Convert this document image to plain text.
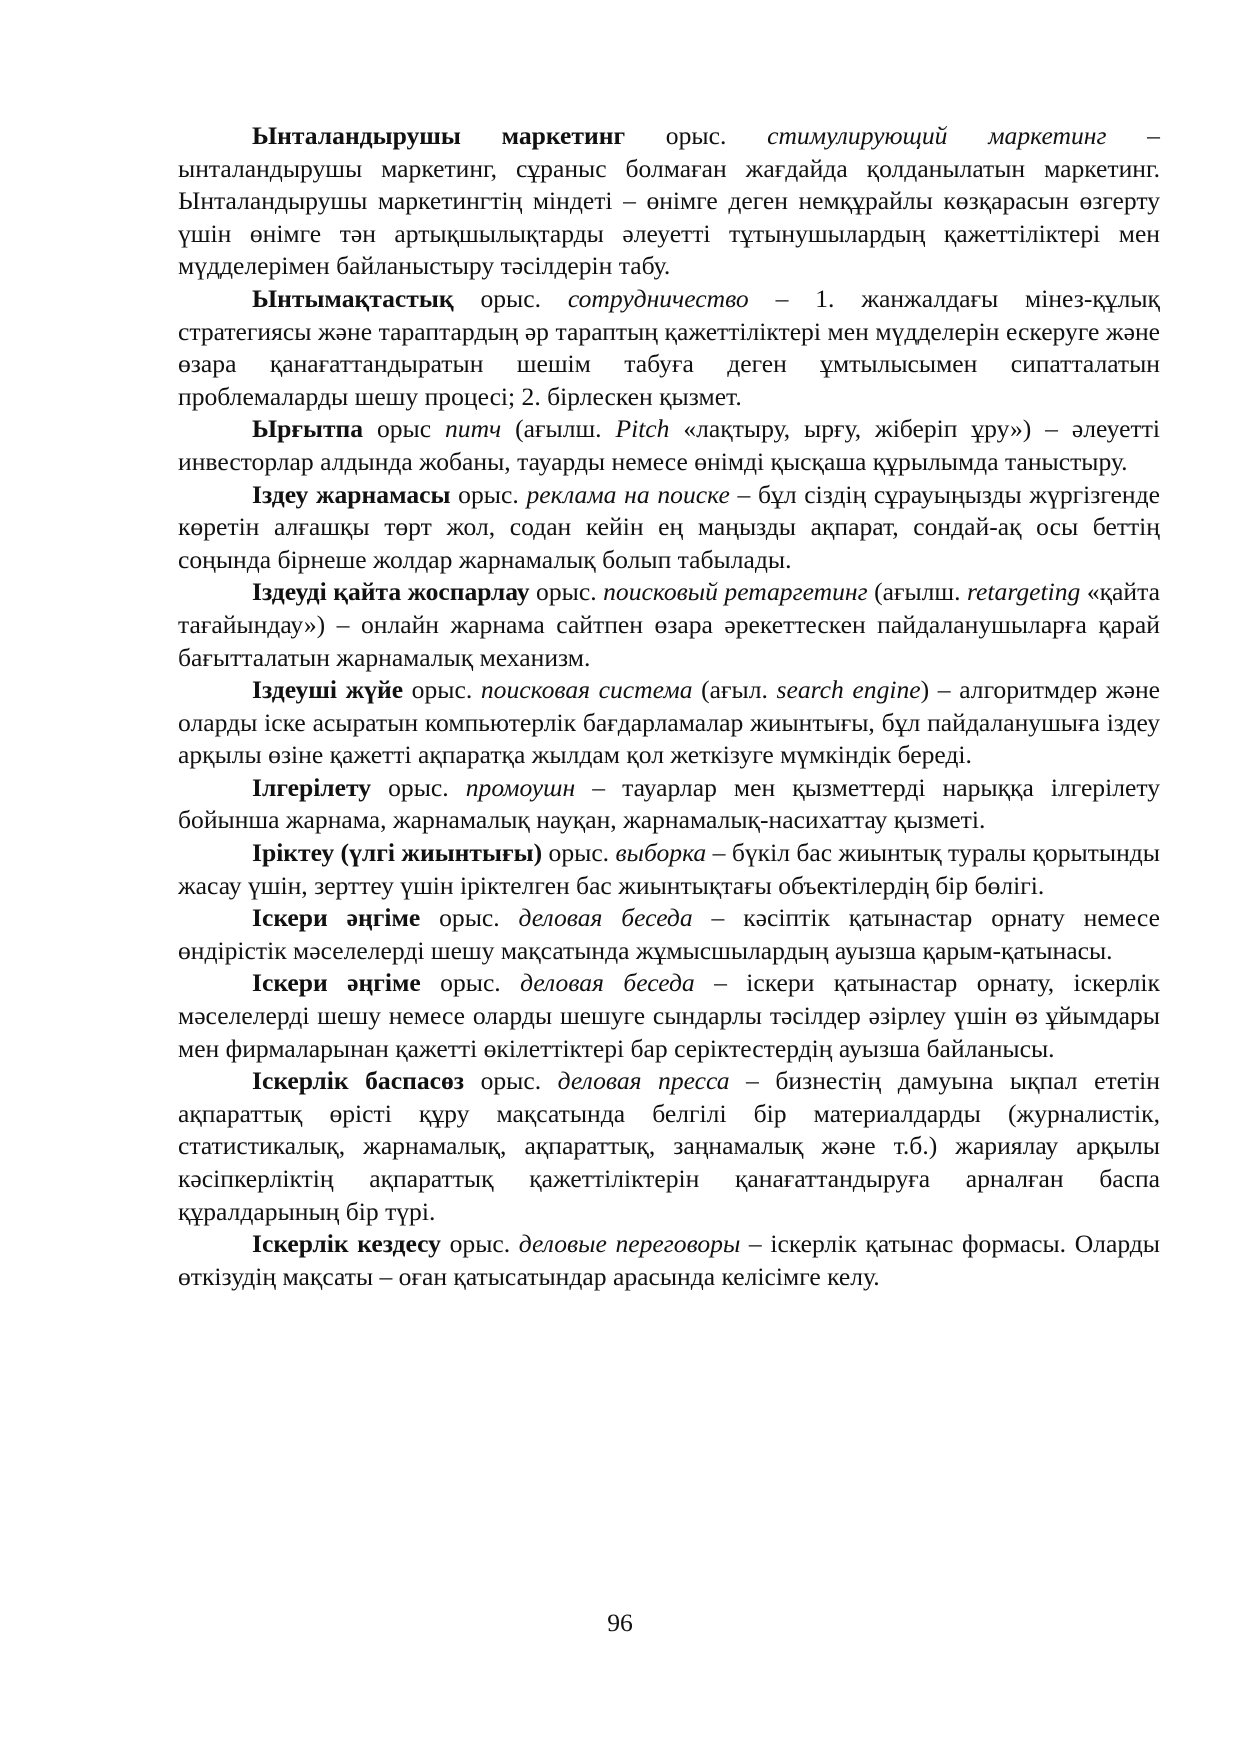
Ынталандырушы маркетинг орыс. стимулирующий маркетинг – ынталандырушы маркетинг, сұраныс болмаған жағдайда қолданылатын маркетинг. Ынталандырушы маркетингтің міндеті – өнімге деген немқұрайлы көзқарасын өзгерту үшін өнімге тән артықшылықтарды әлеуетті тұтынушылардың қажеттіліктері мен мүдделерімен байланыстыру тәсілдерін табу.

Ынтымақтастық орыс. сотрудничество – 1. жанжалдағы мінез-құлық стратегиясы және тараптардың әр тараптың қажеттіліктері мен мүдделерін ескеруге және өзара қанағаттандыратын шешім табуға деген ұмтылысымен сипатталатын проблемаларды шешу процесі; 2. бірлескен қызмет.

Ырғытпа орыс питч (ағылш. Pitch «лақтыру, ырғу, жіберіп ұру») – әлеуетті инвесторлар алдында жобаны, тауарды немесе өнімді қысқаша құрылымда таныстыру.

Іздеу жарнамасы орыс. реклама на поиске – бұл сіздің сұрауыңызды жүргізгенде көретін алғашқы төрт жол, содан кейін ең маңызды ақпарат, сондай-ақ осы беттің соңында бірнеше жолдар жарнамалық болып табылады.

Іздеуді қайта жоспарлау орыс. поисковый ретаргетинг (ағылш. retargeting «қайта тағайындау») – онлайн жарнама сайтпен өзара әрекеттескен пайдаланушыларға қарай бағытталатын жарнамалық механизм.

Іздеуші жүйе орыс. поисковая система (ағыл. search engine) – алгоритмдер және оларды іске асыратын компьютерлік бағдарламалар жиынтығы, бұл пайдаланушыға іздеу арқылы өзіне қажетті ақпаратқа жылдам қол жеткізуге мүмкіндік береді.

Ілгерілету орыс. промоушн – тауарлар мен қызметтерді нарыққа ілгерілету бойынша жарнама, жарнамалық науқан, жарнамалық-насихаттау қызметі.

Іріктеу (үлгі жиынтығы) орыс. выборка – бүкіл бас жиынтық туралы қорытынды жасау үшін, зерттеу үшін іріктелген бас жиынтықтағы объектілердің бір бөлігі.

Іскери әңгіме орыс. деловая беседа – кәсіптік қатынастар орнату немесе өндірістік мәселелерді шешу мақсатында жұмысшылардың ауызша қарым-қатынасы.

Іскери әңгіме орыс. деловая беседа – іскери қатынастар орнату, іскерлік мәселелерді шешу немесе оларды шешуге сындарлы тәсілдер әзірлеу үшін өз ұйымдары мен фирмаларынан қажетті өкілеттіктері бар серіктестердің ауызша байланысы.

Іскерлік баспасөз орыс. деловая пресса – бизнестің дамуына ықпал ететін ақпараттық өрісті құру мақсатында белгілі бір материалдарды (журналистік, статистикалық, жарнамалық, ақпараттық, заңнамалық және т.б.) жариялау арқылы кәсіпкерліктің ақпараттық қажеттіліктерін қанағаттандыруға арналған баспа құралдарының бір түрі.

Іскерлік кездесу орыс. деловые переговоры – іскерлік қатынас формасы. Оларды өткізудің мақсаты – оған қатысатындар арасында келісімге келу.

96
